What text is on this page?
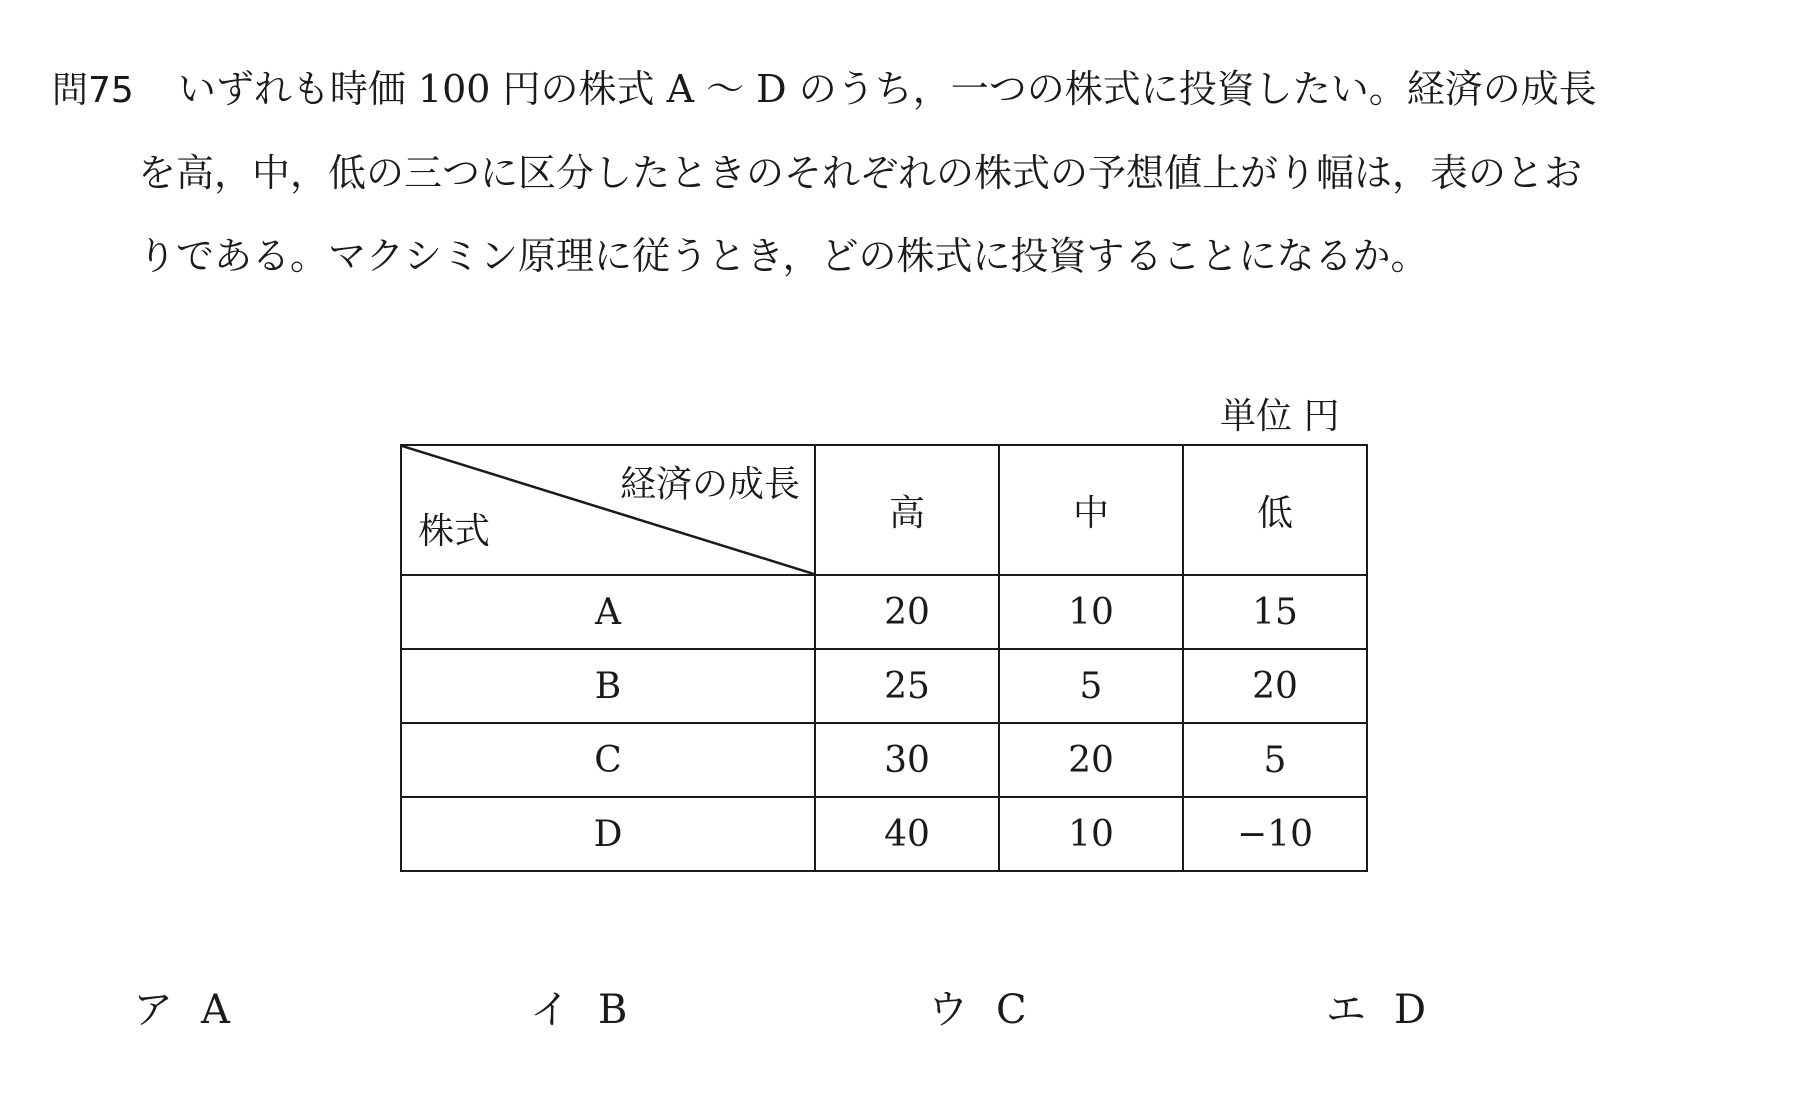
問75 いずれも時価 100 円の株式 A ～ D のうち，一つの株式に投資したい。経済の成長
を高，中，低の三つに区分したときのそれぞれの株式の予想値上がり幅は，表のとお
りである。マクシミン原理に従うとき，どの株式に投資することになるか。
単位 円
経済の成長
株式	高	中	低
A	20	10	15
B	25	5	20
C	30	20	5
D	40	10	−10
ア A	イ B	ウ C	エ D
